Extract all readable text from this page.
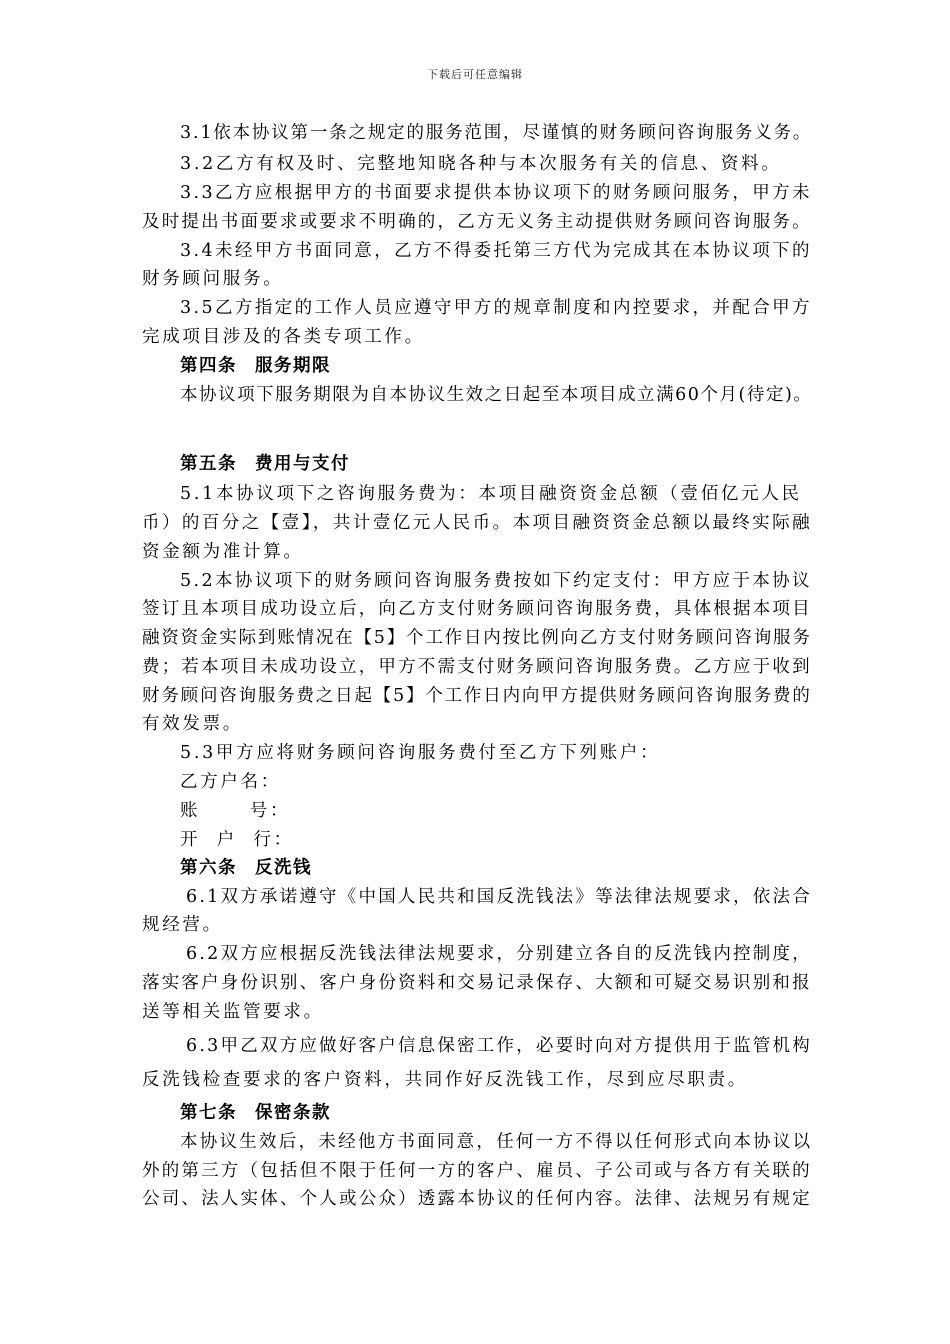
下载后可任意编辑
3.1依本协议第一条之规定的服务范围，尽谨慎的财务顾问咨询服务义务。
3.2乙方有权及时、完整地知晓各种与本次服务有关的信息、资料。
3.3乙方应根据甲方的书面要求提供本协议项下的财务顾问服务，甲方未
及时提出书面要求或要求不明确的，乙方无义务主动提供财务顾问咨询服务。
3.4未经甲方书面同意，乙方不得委托第三方代为完成其在本协议项下的
财务顾问服务。
3.5乙方指定的工作人员应遵守甲方的规章制度和内控要求，并配合甲方
完成项目涉及的各类专项工作。
第四条 服务期限
本协议项下服务期限为自本协议生效之日起至本项目成立满60个月(待定)。
第五条 费用与支付
5.1本协议项下之咨询服务费为：本项目融资资金总额（壹佰亿元人民
币）的百分之【壹】，共计壹亿元人民币。本项目融资资金总额以最终实际融
资金额为准计算。
5.2本协议项下的财务顾问咨询服务费按如下约定支付：甲方应于本协议
签订且本项目成功设立后，向乙方支付财务顾问咨询服务费，具体根据本项目
融资资金实际到账情况在【5】个工作日内按比例向乙方支付财务顾问咨询服务
费；若本项目未成功设立，甲方不需支付财务顾问咨询服务费。乙方应于收到
财务顾问咨询服务费之日起【5】个工作日内向甲方提供财务顾问咨询服务费的
有效发票。
5.3甲方应将财务顾问咨询服务费付至乙方下列账户：
乙方户名：
账      号：
开  户  行：
第六条 反洗钱
6.1双方承诺遵守《中国人民共和国反洗钱法》等法律法规要求，依法合
规经营。
6.2双方应根据反洗钱法律法规要求，分别建立各自的反洗钱内控制度，
落实客户身份识别、客户身份资料和交易记录保存、大额和可疑交易识别和报
送等相关监管要求。
6.3甲乙双方应做好客户信息保密工作，必要时向对方提供用于监管机构
反洗钱检查要求的客户资料，共同作好反洗钱工作，尽到应尽职责。
第七条 保密条款
本协议生效后，未经他方书面同意，任何一方不得以任何形式向本协议以
外的第三方（包括但不限于任何一方的客户、雇员、子公司或与各方有关联的
公司、法人实体、个人或公众）透露本协议的任何内容。法律、法规另有规定
